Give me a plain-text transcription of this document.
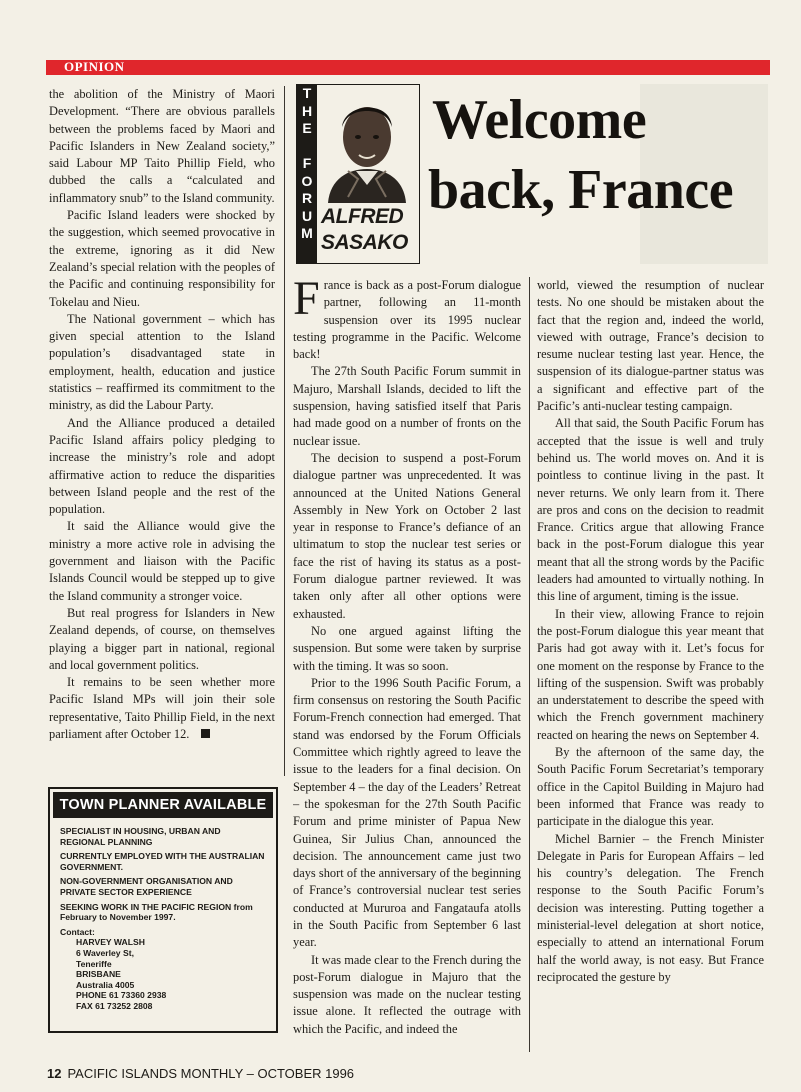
OPINION

the abolition of the Ministry of Maori Development. “There are obvious parallels between the problems faced by Maori and Pacific Islanders in New Zealand society,” said Labour MP Taito Phillip Field, who dubbed the calls a “calculated and inflammatory snub” to the Island community.

Pacific Island leaders were shocked by the suggestion, which seemed provocative in the extreme, ignoring as it did New Zealand’s special relation with the peoples of the Pacific and continuing responsibility for Tokelau and Nieu.

The National government – which has given special attention to the Island population’s disadvantaged state in employment, health, education and justice statistics – reaffirmed its commitment to the ministry, as did the Labour Party.

And the Alliance produced a detailed Pacific Island affairs policy pledging to increase the ministry’s role and adopt affirmative action to reduce the disparities between Island people and the rest of the population.

It said the Alliance would give the ministry a more active role in advising the government and liaison with the Pacific Islands Council would be stepped up to give the Island community a stronger voice.

But real progress for Islanders in New Zealand depends, of course, on themselves playing a bigger part in national, regional and local government politics.

It remains to be seen whether more Pacific Island MPs will join their sole representative, Taito Phillip Field, in the next parliament after October 12.

T
H
E
F
O
R
U
M
ALFRED
SASAKO
Welcome
back, France

France is back as a post-Forum dialogue partner, following an 11-month suspension over its 1995 nuclear testing programme in the Pacific. Welcome back!

The 27th South Pacific Forum summit in Majuro, Marshall Islands, decided to lift the suspension, having satisfied itself that Paris had made good on a number of fronts on the nuclear issue.

The decision to suspend a post-Forum dialogue partner was unprecedented. It was announced at the United Nations General Assembly in New York on October 2 last year in response to France’s defiance of an ultimatum to stop the nuclear test series or face the rist of having its status as a post-Forum dialogue partner reviewed. It was taken only after all other options were exhausted.

No one argued against lifting the suspension. But some were taken by surprise with the timing. It was so soon.

Prior to the 1996 South Pacific Forum, a firm consensus on restoring the South Pacific Forum-French connection had emerged. That stand was endorsed by the Forum Officials Committee which rightly agreed to leave the issue to the leaders for a final decision. On September 4 – the day of the Leaders’ Retreat – the spokesman for the 27th South Pacific Forum and prime minister of Papua New Guinea, Sir Julius Chan, announced the decision. The announcement came just two days short of the anniversary of the beginning of France’s controversial nuclear test series conducted at Mururoa and Fangataufa atolls in the South Pacific from September 6 last year.

It was made clear to the French during the post-Forum dialogue in Majuro that the suspension was made on the nuclear testing issue alone. It reflected the outrage with which the Pacific, and indeed the

world, viewed the resumption of nuclear tests. No one should be mistaken about the fact that the region and, indeed the world, viewed with outrage, France’s decision to resume nuclear testing last year. Hence, the suspension of its dialogue-partner status was a significant and effective part of the Pacific’s anti-nuclear testing campaign.

All that said, the South Pacific Forum has accepted that the issue is well and truly behind us. The world moves on. And it is pointless to continue living in the past. It never returns. We only learn from it. There are pros and cons on the decision to readmit France. Critics argue that allowing France back in the post-Forum dialogue this year meant that all the strong words by the Pacific leaders had amounted to virtually nothing. In this line of argument, timing is the issue.

In their view, allowing France to rejoin the post-Forum dialogue this year meant that Paris had got away with it. Let’s focus for one moment on the response by France to the lifting of the suspension. Swift was probably an understatement to describe the speed with which the French government machinery reacted on hearing the news on September 4.

By the afternoon of the same day, the South Pacific Forum Secretariat’s temporary office in the Capitol Building in Majuro had been informed that France was ready to participate in the dialogue this year.

Michel Barnier – the French Minister Delegate in Paris for European Affairs – led his country’s delegation. The French response to the South Pacific Forum’s decision was interesting. Putting together a ministerial-level delegation at short notice, especially to attend an international Forum half the world away, is not easy. But France reciprocated the gesture by

TOWN PLANNER AVAILABLE
SPECIALIST IN HOUSING, URBAN AND REGIONAL PLANNING
CURRENTLY EMPLOYED WITH THE AUSTRALIAN GOVERNMENT.
NON-GOVERNMENT ORGANISATION AND PRIVATE SECTOR EXPERIENCE
SEEKING WORK IN THE PACIFIC REGION from February to November 1997.
Contact:
HARVEY WALSH
6 Waverley St,
Teneriffe
BRISBANE
Australia 4005
PHONE 61 73360 2938
FAX 61 73252 2808
12 PACIFIC ISLANDS MONTHLY – OCTOBER 1996
